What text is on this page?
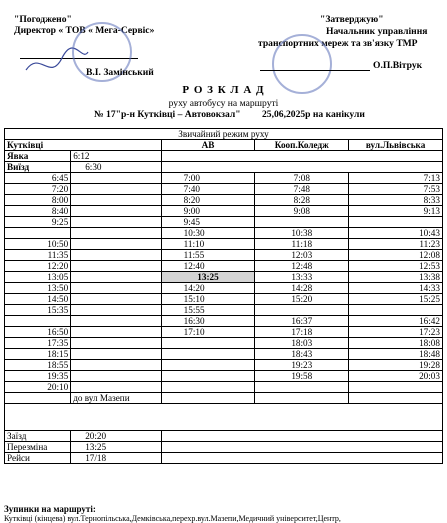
"Погоджено"
Директор « ТОВ « Мега-Сервіс»
В.І. Замінський
"Затверджую"
Начальник управління
транспортних мереж та зв'язку ТМР
О.П.Вітрук
Р О З К Л А Д
руху автобусу на маршруті
№ 17"р-н Кутківці – Автовокзал" 25,06,2025р на канікули
Звичайний режим руху				
Кутківці		АВ	Кооп.Коледж	вул.Львівська
Явка	6:12			
Виїзд	6:30			
6:45		7:00	7:08	7:13
7:20		7:40	7:48	7:53
8:00		8:20	8:28	8:33
8:40		9:00	9:08	9:13
9:25		9:45		
		10:30	10:38	10:43
10:50		11:10	11:18	11:23
11:35		11:55	12:03	12:08
12:20		12:40	12:48	12:53
13:05		13:25	13:33	13:38
13:50		14:20	14:28	14:33
14:50		15:10	15:20	15:25
15:35		15:55		
		16:30	16:37	16:42
16:50		17:10	17:18	17:23
17:35			18:03	18:08
18:15			18:43	18:48
18:55			19:23	19:28
19:35			19:58	20:03
20:10				
	до вул Мазепи			

Заїзд	20:20			
Перезміна	13:25			
Рейси	17/18			
Зупинки на маршруті:
Кутківці (кінцева) вул.Тернопільська,Демківська,перехр.вул.Мазепи,Медичний університет,Центр,
